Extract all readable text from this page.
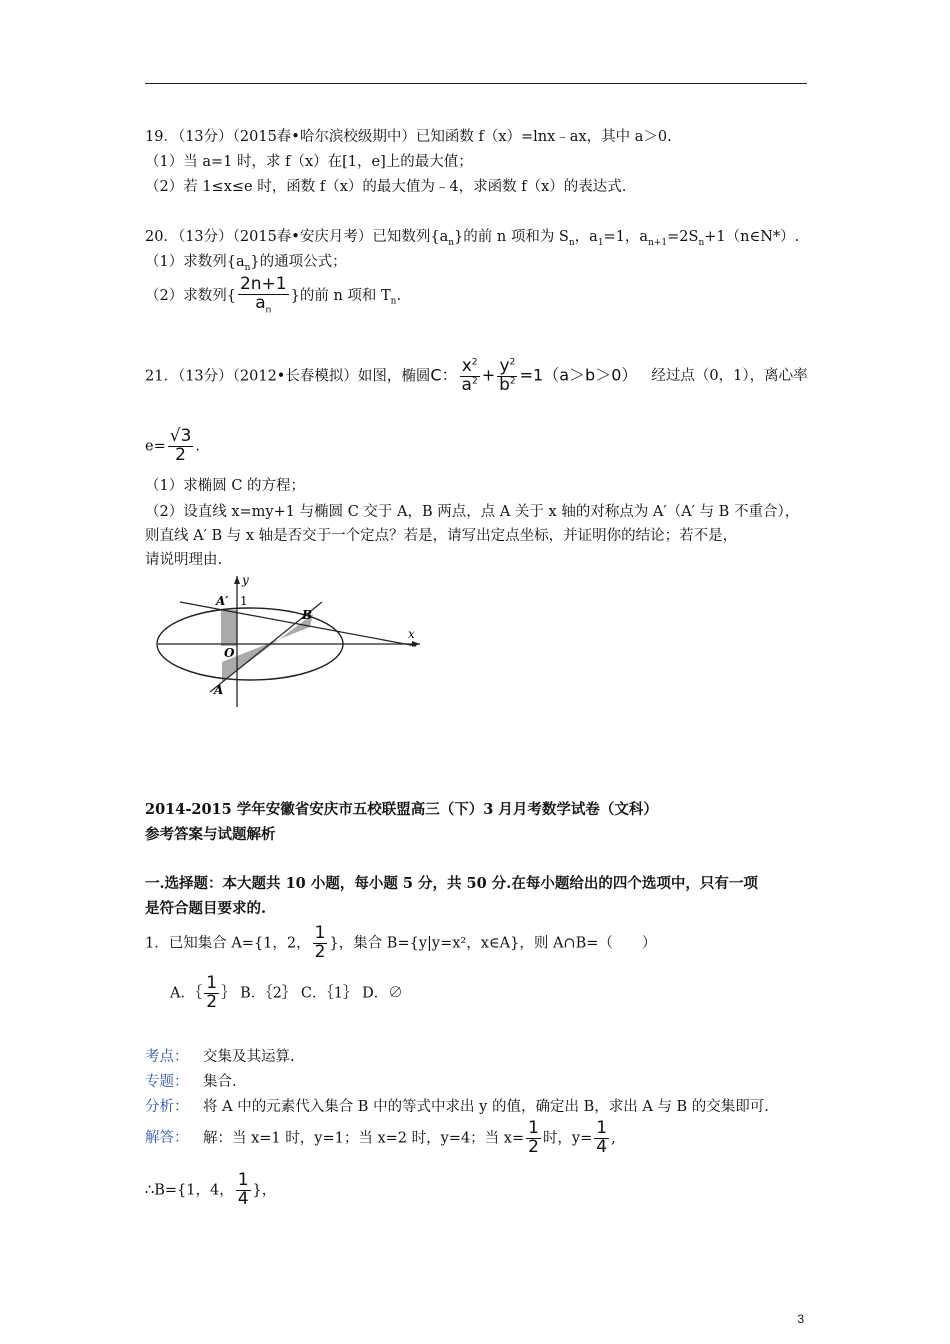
19．（13分）（2015春•哈尔滨校级期中）已知函数 f（x）=lnx﹣ax，其中 a＞0.
（1）当 a=1 时，求 f（x）在[1，e]上的最大值；
（2）若 1≤x≤e 时，函数 f（x）的最大值为﹣4，求函数 f（x）的表达式.
20．（13分）（2015春•安庆月考）已知数列$\{a_n\}$的前 n 项和为 $S_n$，$a_1=1$，$a_{n+1}=2S_n+1(n\in N*)$.
（1）求数列$\{a_n\}$的通项公式；
（2）求数列{ $\frac{2n+1}{a_n}$ }的前 n 项和 $T_n$.
21．（13分）（2012•长春模拟）如图，椭圆C： $\frac{x^2}{a^2} + \frac{y^2}{b^2} =1(a>b>0)$ 经过点（0，1），离心率
$e= \frac{√3}{2}$ .
（1）求椭圆 C 的方程；
（2）设直线 x=my+1 与椭圆 C 交于 A，B 两点，点 A 关于 x 轴的对称点为 A′（A′ 与 B 不重合），
则直线 A′ B 与 x 轴是否交于一个定点？若是，请写出定点坐标，并证明你的结论；若不是，
请说明理由.
y
x
A′ 1
B
O
A
2014-2015 学年安徽省安庆市五校联盟高三（下）3 月月考数学试卷（文科）
参考答案与试题解析
一.选择题：本大题共 10 小题，每小题 5 分，共 50 分.在每小题给出的四个选项中，只有一项
是符合题目要求的.
1．已知集合 A={1，2， $\frac{1}{2}$ }，集合 B={y|y=x²，x∈A}，则 A∩B=（　　）
A．｛ $\frac{1}{2}$ ｝ B．｛2｝ C．｛1｝ D．∅
考点： 交集及其运算.
专题： 集合.
分析： 将 A 中的元素代入集合 B 中的等式中求出 y 的值，确定出 B，求出 A 与 B 的交集即可.
解答： 解：当 x=1 时，y=1；当 x=2 时，y=4；当 $x= \frac{1}{2}$ 时，$y= \frac{1}{4}$ ,
∴B={1，4， $\frac{1}{4}$ }，
3
